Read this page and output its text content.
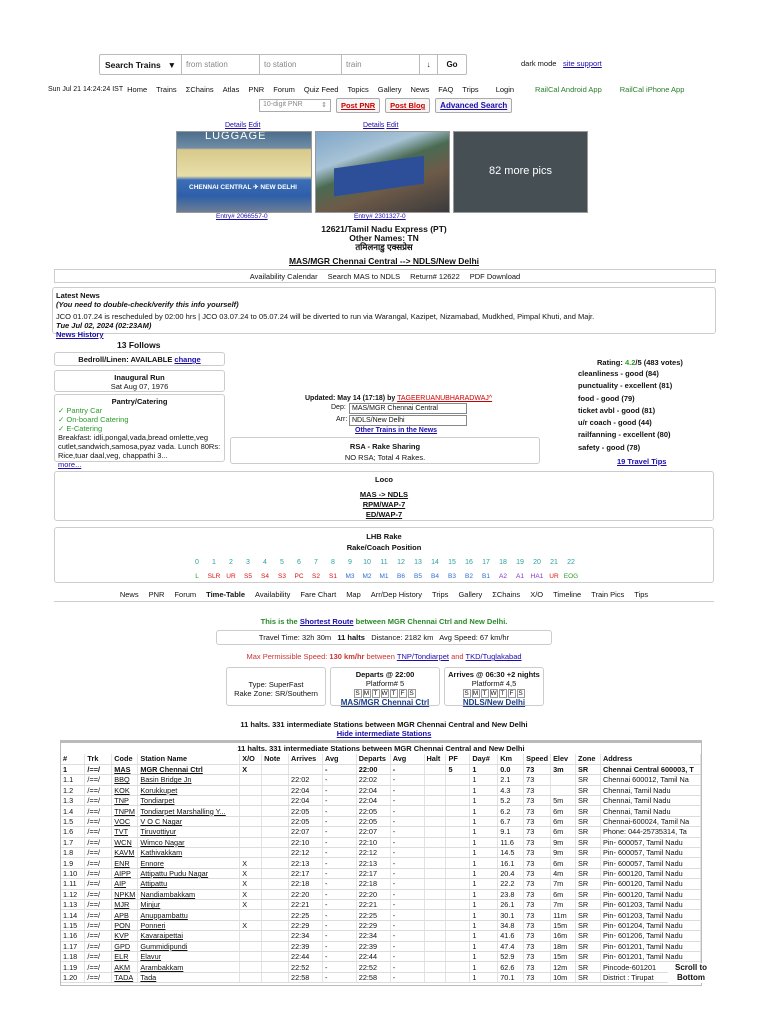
Search Trains ▼	from station	to station	train	↓	Go	dark mode site support
Sun Jul 21 14:24:24 IST Home Trains ΣChains Atlas PNR Forum Quiz Feed Topics Gallery News FAQ Trips Login	RailCal Android App RailCal iPhone App
10-digit PNR	⇕	Post PNR	Post Blog	Advanced Search
Details Edit
LUGGAGE
CHENNAI CENTRAL ✈ NEW DELHI
Entry# 2066557-0
Details Edit
Entry# 2301327-0
82 more pics
12621/Tamil Nadu Express (PT)
Other Names: TN
तमिलनाडु एक्सप्रेस
MAS/MGR Chennai Central --> NDLS/New Delhi
Availability Calendar	Search MAS to NDLS	Return# 12622	PDF Download
Latest News
(You need to double-check/verify this info yourself)
JCO 01.07.24 is rescheduled by 02:00 hrs | JCO 03.07.24 to 05.07.24 will be diverted to run via Warangal, Kazipet, Nizamabad, Mudkhed, Pimpal Khuti, and Majr.
Tue Jul 02, 2024 (02:23AM)
News History
13 Follows
Bedroll/Linen: AVAILABLE change
Inaugural Run
Sat Aug 07, 1976
Pantry/Catering
✓ Pantry Car
✓ On-board Catering
✓ E-Catering
Breakfast: idli,pongal,vada,bread omlette,veg cutlet,sandwich,samosa,pyaz vada. Lunch 80Rs: Rice,tuar daal,veg, chappathi 3...
more...
Updated: May 14 (17:18) by TAGEERUANUBHARADWAJ^
Dep: MAS/MGR Chennai Central
Arr: NDLS/New Delhi
Other Trains in the News
RSA - Rake Sharing
NO RSA; Total 4 Rakes.
Rating: 4.2/5 (483 votes)
cleanliness - good (84)
punctuality - excellent (81)
food - good (79)
ticket avbl - good (81)
u/r coach - good (44)
railfanning - excellent (80)
safety - good (78)
19 Travel Tips
Loco
MAS -> NDLS
RPM/WAP-7
ED/WAP-7
LHB Rake
Rake/Coach Position
0 1 2 3 4 5 6 7 8 9 10 11 12 13 14 15 16 17 18 19 20 21 22
L SLR UR S5 S4 S3 PC S2 S1 M3 M2 M1 B6 B5 B4 B3 B2 B1 A2 A1 HA1 UR EOG
News	PNR	Forum	Time-Table	Availability	Fare Chart	Map	Arr/Dep History	Trips	Gallery	ΣChains	X/O	Timeline	Train Pics	Tips
This is the Shortest Route between MGR Chennai Ctrl and New Delhi.
Travel Time: 32h 30m 11 halts Distance: 2182 km Avg Speed: 67 km/hr
Max Permissible Speed: 130 km/hr between TNP/Tondiarpet and TKD/Tuglakabad
Type: SuperFast
Rake Zone: SR/Southern
Departs @ 22:00
Platform# 5
S M T W T F S
MAS/MGR Chennai Ctrl
Arrives @ 06:30 +2 nights
Platform# 4,5
S M T W T F S
NDLS/New Delhi
11 halts. 331 intermediate Stations between MGR Chennai Central and New Delhi
Hide intermediate Stations
11 halts. 331 intermediate Stations between MGR Chennai Central and New Delhi
#	Trk	Code	Station Name	X/O	Note	Arrives	Avg	Departs	Avg	Halt	PF	Day#	Km	Speed	Elev	Zone	Address
1	/==/	MAS	MGR Chennai Ctrl	X			-	22:00	-		5	1	0.0	73	3m	SR	Chennai Central 600003, T
1.1	/==/	BBQ	Basin Bridge Jn			22:02	-	22:02	-			1	2.1	73		SR	Chennai 600012, Tamil Na
1.2	/==/	KOK	Korukkupet			22:04	-	22:04	-			1	4.3	73		SR	Chennai, Tamil Nadu
1.3	/==/	TNP	Tondiarpet			22:04	-	22:04	-			1	5.2	73	5m	SR	Chennai, Tamil Nadu
1.4	/==/	TNPM	Tondiarpet Marshalling Y...			22:05	-	22:05	-			1	6.2	73	6m	SR	Chennai, Tamil Nadu
1.5	/==/	VOC	V O C Nagar			22:05	-	22:05	-			1	6.7	73	6m	SR	Chennai-600024, Tamil Na
1.6	/==/	TVT	Tiruvottiyur			22:07	-	22:07	-			1	9.1	73	6m	SR	Phone: 044-25735314, Ta
1.7	/==/	WCN	Wimco Nagar			22:10	-	22:10	-			1	11.6	73	9m	SR	Pin- 600057, Tamil Nadu
1.8	/==/	KAVM	Kathivakkam			22:12	-	22:12	-			1	14.5	73	9m	SR	Pin- 600057, Tamil Nadu
1.9	/==/	ENR	Ennore	X		22:13	-	22:13	-			1	16.1	73	6m	SR	Pin- 600057, Tamil Nadu
1.10	/==/	AIPP	Attipattu Pudu Nagar	X		22:17	-	22:17	-			1	20.4	73	4m	SR	Pin- 600120, Tamil Nadu
1.11	/==/	AIP	Attipattu	X		22:18	-	22:18	-			1	22.2	73	7m	SR	Pin- 600120, Tamil Nadu
1.12	/==/	NPKM	Nandiambakkam	X		22:20	-	22:20	-			1	23.8	73	6m	SR	Pin- 600120, Tamil Nadu
1.13	/==/	MJR	Minjur	X		22:21	-	22:21	-			1	26.1	73	7m	SR	Pin- 601203, Tamil Nadu
1.14	/==/	APB	Anuppambattu			22:25	-	22:25	-			1	30.1	73	11m	SR	Pin- 601203, Tamil Nadu
1.15	/==/	PON	Ponneri	X		22:29	-	22:29	-			1	34.8	73	15m	SR	Pin- 601204, Tamil Nadu
1.16	/==/	KVP	Kavaraipettai			22:34	-	22:34	-			1	41.6	73	16m	SR	Pin- 601206, Tamil Nadu
1.17	/==/	GPD	Gummidipundi			22:39	-	22:39	-			1	47.4	73	18m	SR	Pin- 601201, Tamil Nadu
1.18	/==/	ELR	Elavur			22:44	-	22:44	-			1	52.9	73	15m	SR	Pin- 601201, Tamil Nadu
1.19	/==/	AKM	Arambakkam			22:52	-	22:52	-			1	62.6	73	12m	SR	Pincode-601201
1.20	/==/	TADA	Tada			22:58	-	22:58	-			1	70.1	73	10m	SR	District : Tirupat
Scroll to Bottom
